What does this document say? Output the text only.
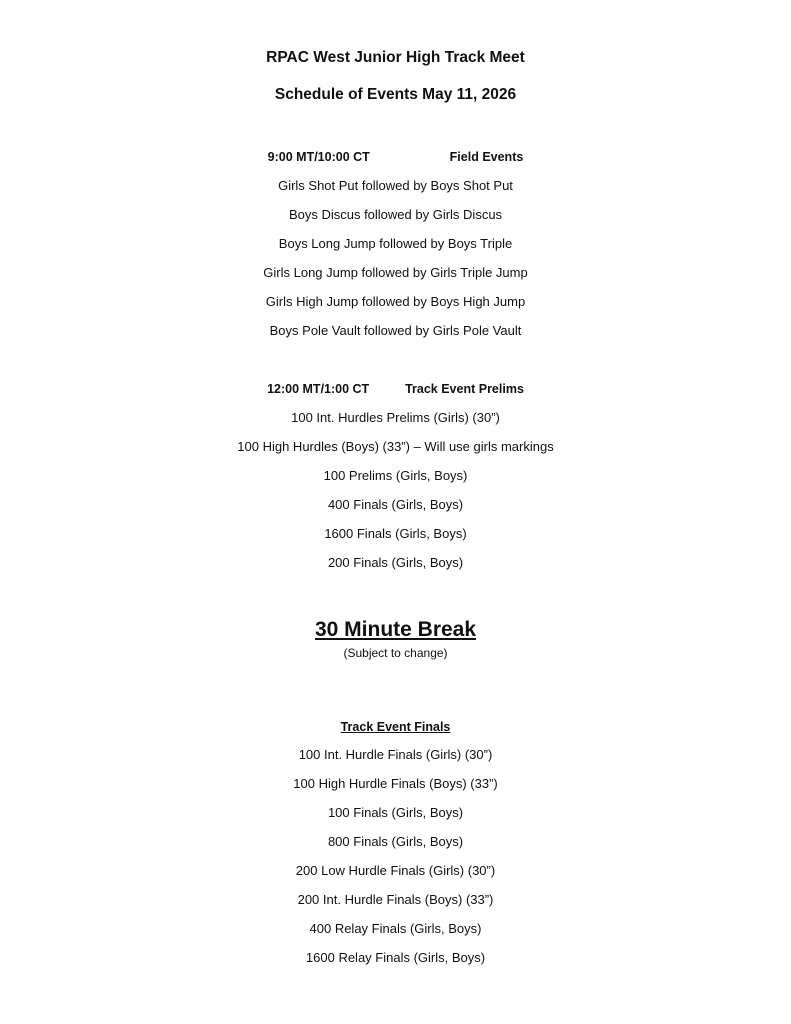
RPAC West Junior High Track Meet
Schedule of Events May 11, 2026
9:00 MT/10:00 CT	Field Events
Girls Shot Put followed by Boys Shot Put
Boys Discus followed by Girls Discus
Boys Long Jump followed by Boys Triple
Girls Long Jump followed by Girls Triple Jump
Girls High Jump followed by Boys High Jump
Boys Pole Vault followed by Girls Pole Vault
12:00 MT/1:00 CT	Track Event Prelims
100 Int. Hurdles Prelims (Girls) (30”)
100 High Hurdles (Boys) (33”) – Will use girls markings
100 Prelims (Girls, Boys)
400 Finals (Girls, Boys)
1600 Finals (Girls, Boys)
200 Finals (Girls, Boys)
30 Minute Break
(Subject to change)
Track Event Finals
100 Int. Hurdle Finals (Girls) (30”)
100 High Hurdle Finals (Boys) (33”)
100 Finals (Girls, Boys)
800 Finals (Girls, Boys)
200 Low Hurdle Finals (Girls) (30”)
200 Int. Hurdle Finals (Boys) (33”)
400 Relay Finals (Girls, Boys)
1600 Relay Finals (Girls, Boys)
